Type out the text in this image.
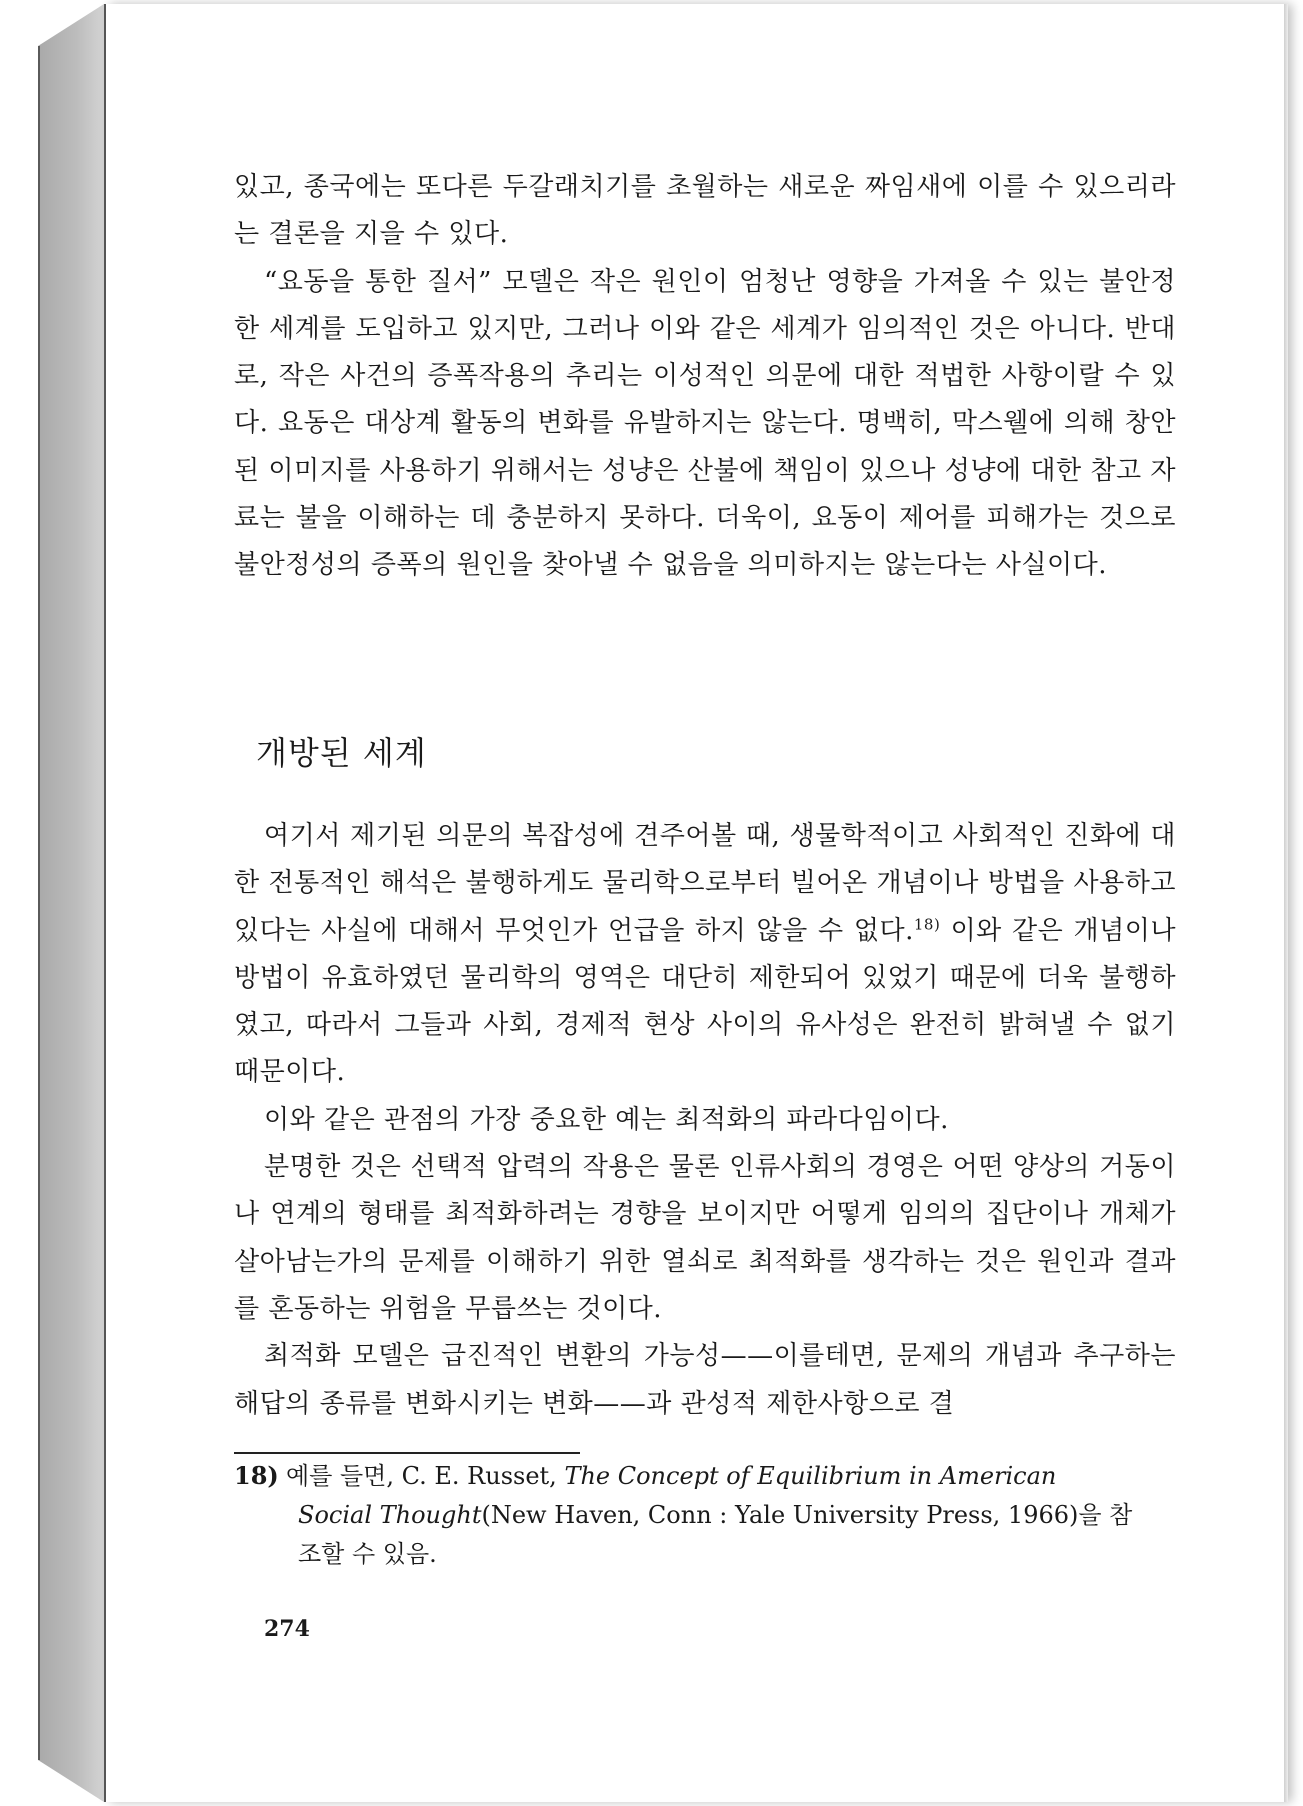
있고, 종국에는 또다른 두갈래치기를 초월하는 새로운 짜임새에 이를 수 있으리라는 결론을 지을 수 있다.

“요동을 통한 질서” 모델은 작은 원인이 엄청난 영향을 가져올 수 있는 불안정한 세계를 도입하고 있지만, 그러나 이와 같은 세계가 임의적인 것은 아니다. 반대로, 작은 사건의 증폭작용의 추리는 이성적인 의문에 대한 적법한 사항이랄 수 있다. 요동은 대상계 활동의 변화를 유발하지는 않는다. 명백히, 막스웰에 의해 창안된 이미지를 사용하기 위해서는 성냥은 산불에 책임이 있으나 성냥에 대한 참고 자료는 불을 이해하는 데 충분하지 못하다. 더욱이, 요동이 제어를 피해가는 것으로 불안정성의 증폭의 원인을 찾아낼 수 없음을 의미하지는 않는다는 사실이다.

개방된 세계

여기서 제기된 의문의 복잡성에 견주어볼 때, 생물학적이고 사회적인 진화에 대한 전통적인 해석은 불행하게도 물리학으로부터 빌어온 개념이나 방법을 사용하고 있다는 사실에 대해서 무엇인가 언급을 하지 않을 수 없다.$^{18)}$ 이와 같은 개념이나 방법이 유효하였던 물리학의 영역은 대단히 제한되어 있었기 때문에 더욱 불행하였고, 따라서 그들과 사회, 경제적 현상 사이의 유사성은 완전히 밝혀낼 수 없기 때문이다.

이와 같은 관점의 가장 중요한 예는 최적화의 파라다임이다.

분명한 것은 선택적 압력의 작용은 물론 인류사회의 경영은 어떤 양상의 거동이나 연계의 형태를 최적화하려는 경향을 보이지만 어떻게 임의의 집단이나 개체가 살아남는가의 문제를 이해하기 위한 열쇠로 최적화를 생각하는 것은 원인과 결과를 혼동하는 위험을 무릅쓰는 것이다.

최적화 모델은 급진적인 변환의 가능성——이를테면, 문제의 개념과 추구하는 해답의 종류를 변화시키는 변화——과 관성적 제한사항으로 결

18) 예를 들면, C. E. Russet, The Concept of Equilibrium in American
Social Thought(New Haven, Conn : Yale University Press, 1966)을 참
조할 수 있음.
274
